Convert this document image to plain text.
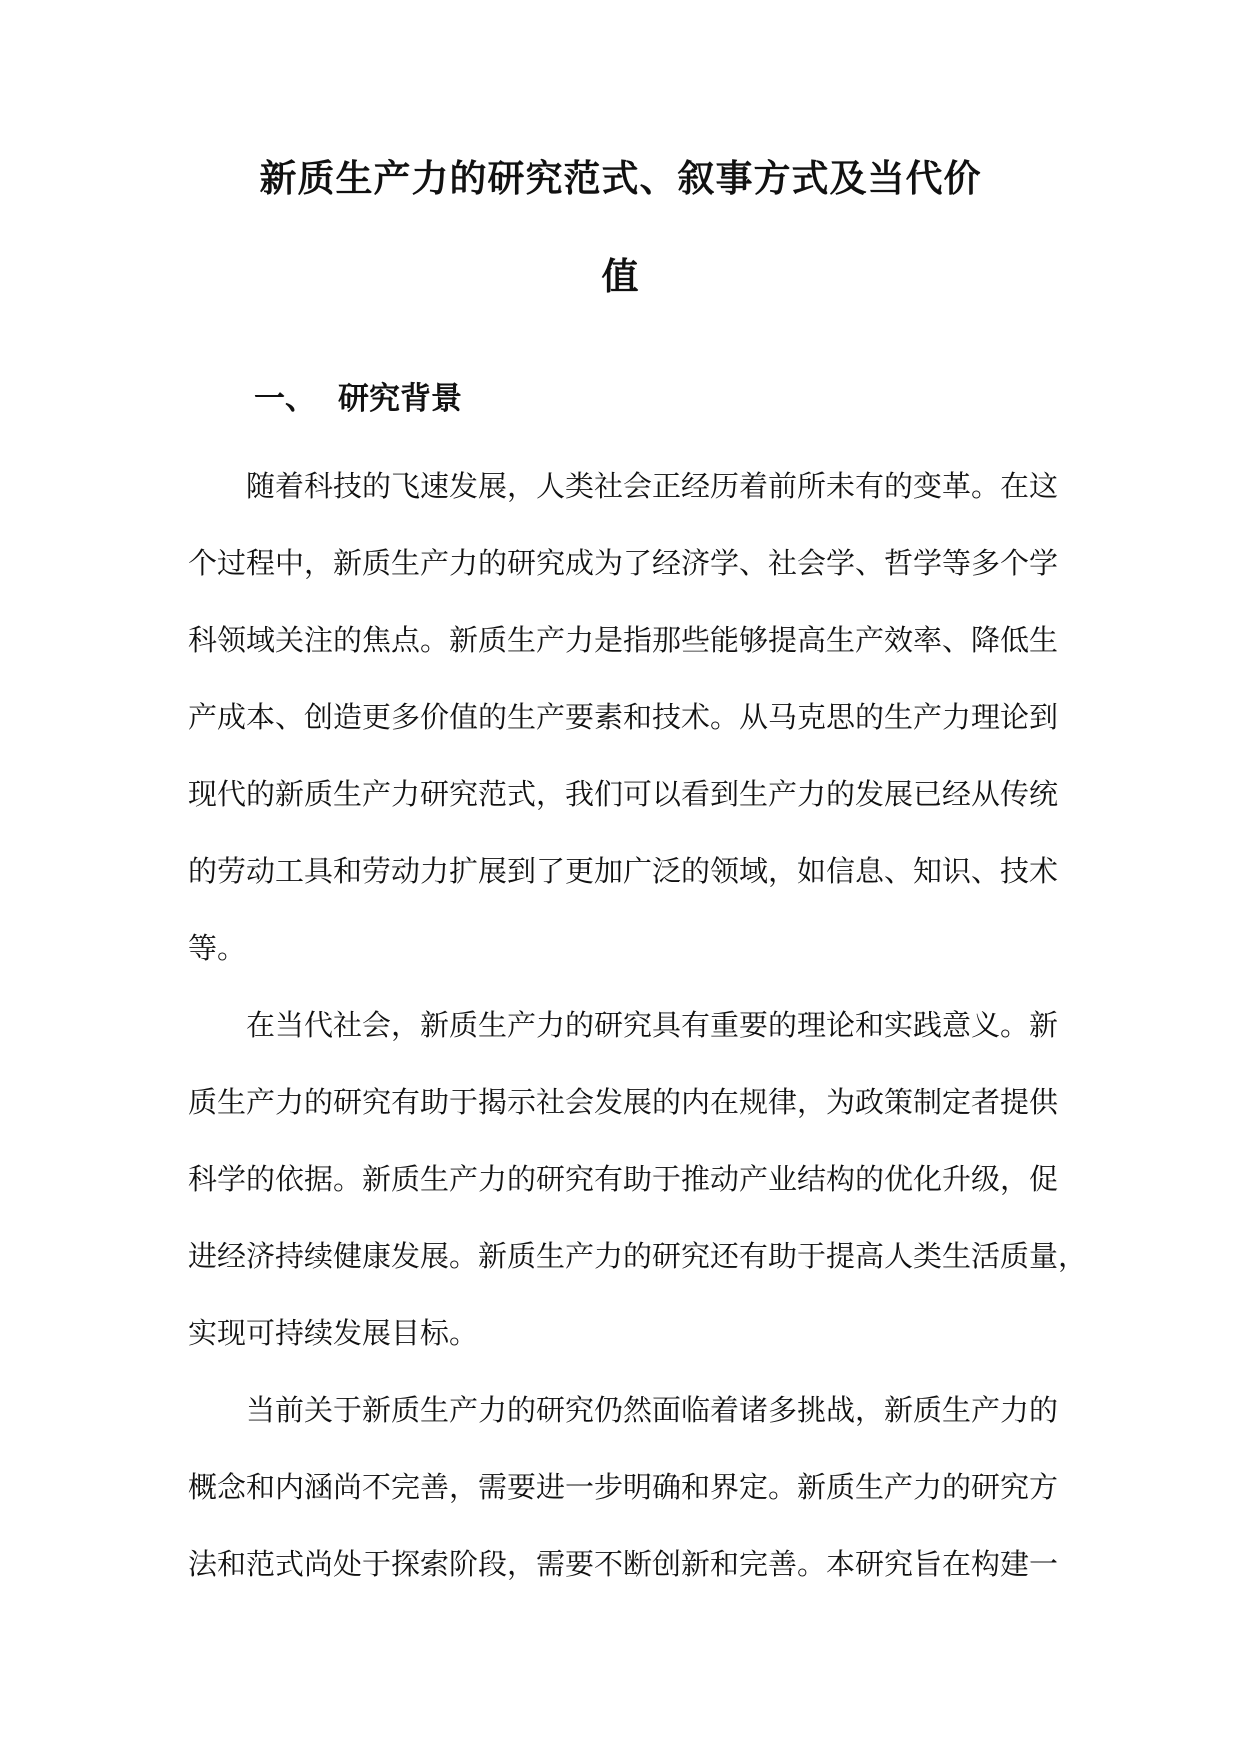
新质生产力的研究范式、叙事方式及当代价
值
一、 研究背景
随着科技的飞速发展，人类社会正经历着前所未有的变革。在这
个过程中，新质生产力的研究成为了经济学、社会学、哲学等多个学
科领域关注的焦点。新质生产力是指那些能够提高生产效率、降低生
产成本、创造更多价值的生产要素和技术。从马克思的生产力理论到
现代的新质生产力研究范式，我们可以看到生产力的发展已经从传统
的劳动工具和劳动力扩展到了更加广泛的领域，如信息、知识、技术
等。
在当代社会，新质生产力的研究具有重要的理论和实践意义。新
质生产力的研究有助于揭示社会发展的内在规律，为政策制定者提供
科学的依据。新质生产力的研究有助于推动产业结构的优化升级，促
进经济持续健康发展。新质生产力的研究还有助于提高人类生活质量，
实现可持续发展目标。
当前关于新质生产力的研究仍然面临着诸多挑战，新质生产力的
概念和内涵尚不完善，需要进一步明确和界定。新质生产力的研究方
法和范式尚处于探索阶段，需要不断创新和完善。本研究旨在构建一
